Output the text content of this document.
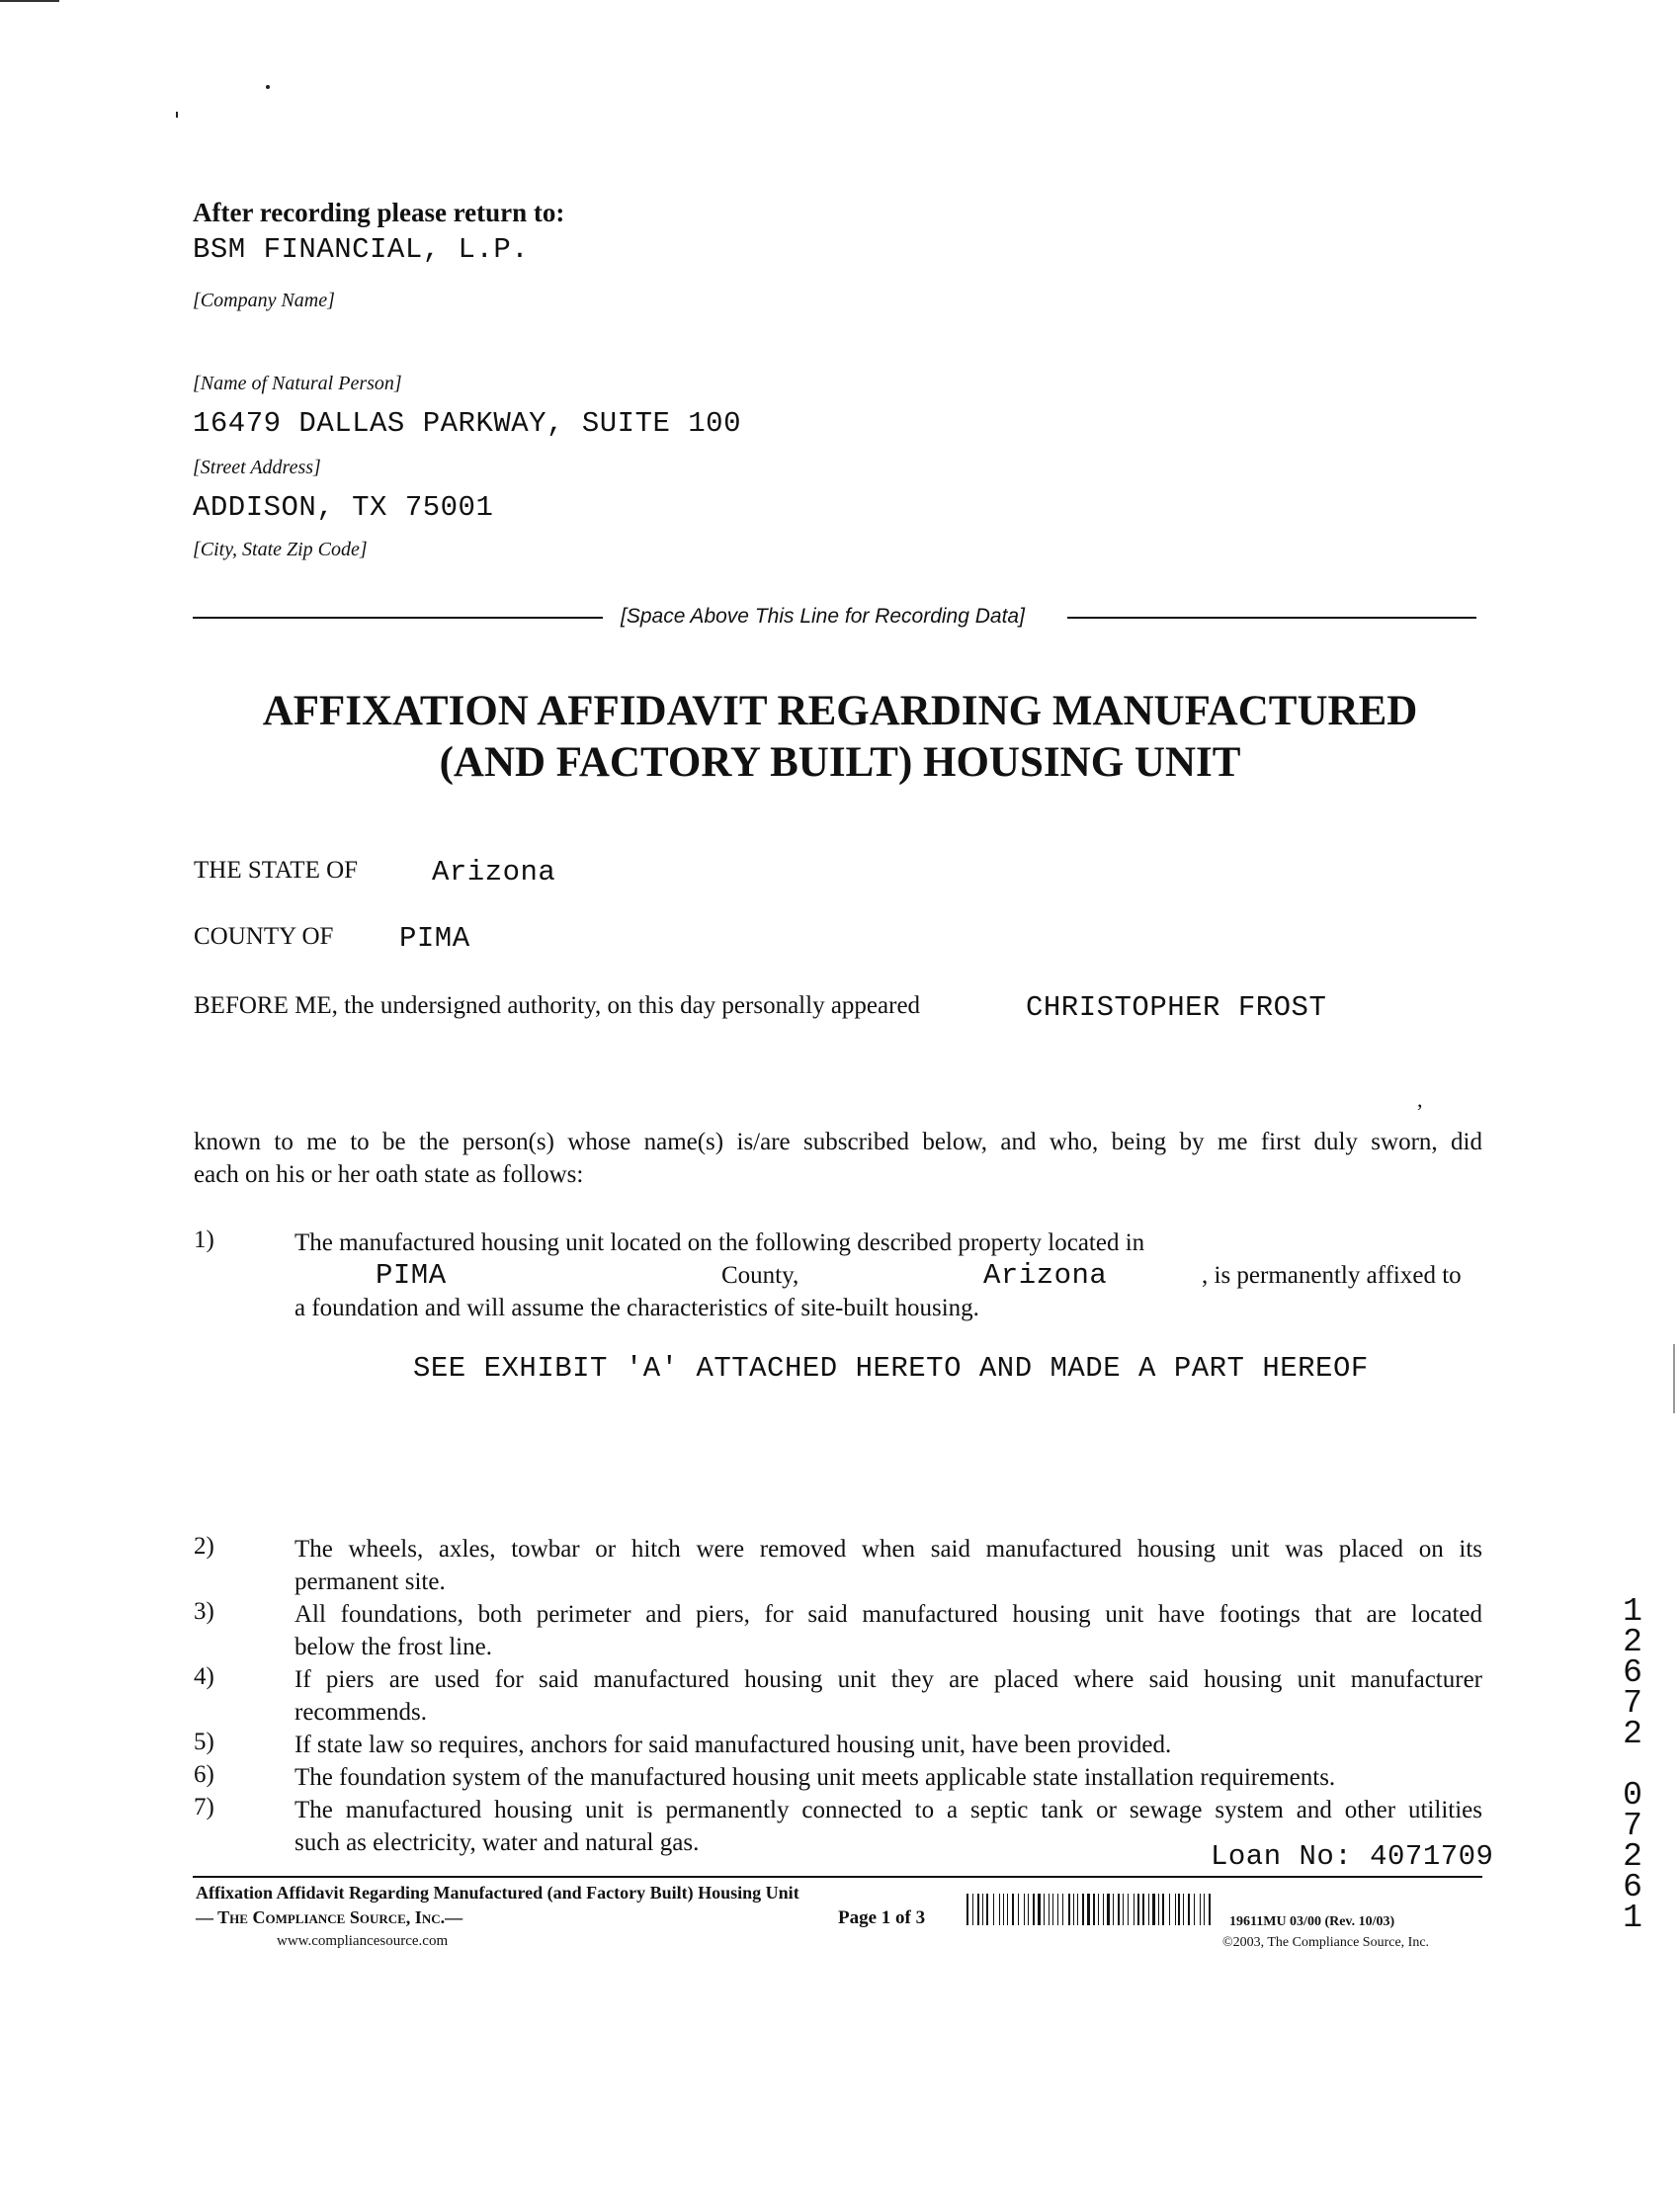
After recording please return to:
BSM FINANCIAL, L.P.
[Company Name]
[Name of Natural Person]
16479 DALLAS PARKWAY, SUITE 100
[Street Address]
ADDISON, TX 75001
[City, State Zip Code]
[Space Above This Line for Recording Data]
AFFIXATION AFFIDAVIT REGARDING MANUFACTURED
(AND FACTORY BUILT) HOUSING UNIT
THE STATE OF	Arizona
COUNTY OF PIMA
BEFORE ME, the undersigned authority, on this day personally appeared	CHRISTOPHER FROST
,
known to me to be the person(s) whose name(s) is/are subscribed below, and who, being by me first duly sworn, did
each on his or her oath state as follows:
1)	The manufactured housing unit located on the following described property located in
PIMA	County,	Arizona	, is permanently affixed to
a foundation and will assume the characteristics of site-built housing.
SEE EXHIBIT 'A' ATTACHED HERETO AND MADE A PART HEREOF
2)	The wheels, axles, towbar or hitch were removed when said manufactured housing unit was placed on its
permanent site.
3)	All foundations, both perimeter and piers, for said manufactured housing unit have footings that are located
below the frost line.
4)	If piers are used for said manufactured housing unit they are placed where said housing unit manufacturer
recommends.
5)	If state law so requires, anchors for said manufactured housing unit, have been provided.
6)	The foundation system of the manufactured housing unit meets applicable state installation requirements.
7)	The manufactured housing unit is permanently connected to a septic tank or sewage system and other utilities
such as electricity, water and natural gas.	Loan No: 4071709
Affixation Affidavit Regarding Manufactured (and Factory Built) Housing Unit
— The Compliance Source, Inc.—
www.compliancesource.com
Page 1 of 3	19611MU 03/00 (Rev. 10/03)
©2003, The Compliance Source, Inc.
1
2
6
7
2
0
7
2
6
1
